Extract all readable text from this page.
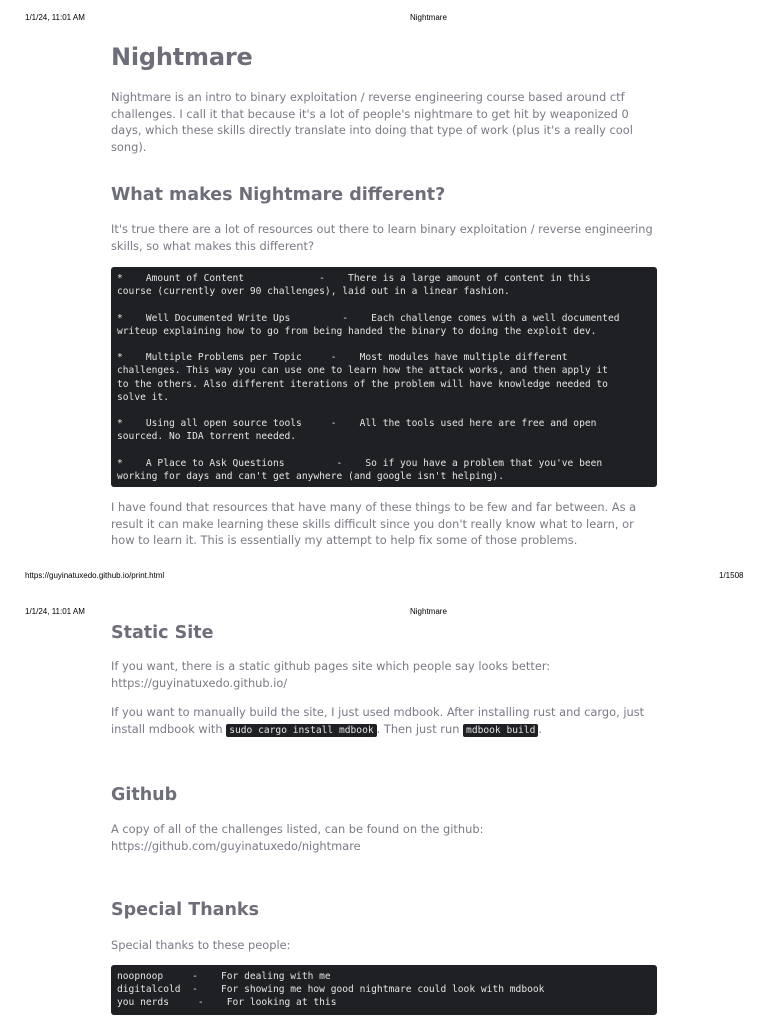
1/1/24, 11:01 AM	Nightmare
Nightmare

Nightmare is an intro to binary exploitation / reverse engineering course based around ctf challenges. I call it that because it's a lot of people's nightmare to get hit by weaponized 0 days, which these skills directly translate into doing that type of work (plus it's a really cool song).

What makes Nightmare different?

It's true there are a lot of resources out there to learn binary exploitation / reverse engineering skills, so what makes this different?

*    Amount of Content             -    There is a large amount of content in this
course (currently over 90 challenges), laid out in a linear fashion.
*    Well Documented Write Ups         -    Each challenge comes with a well documented
writeup explaining how to go from being handed the binary to doing the exploit dev.
*    Multiple Problems per Topic     -    Most modules have multiple different
challenges. This way you can use one to learn how the attack works, and then apply it
to the others. Also different iterations of the problem will have knowledge needed to
solve it.
*    Using all open source tools     -    All the tools used here are free and open
sourced. No IDA torrent needed.
*    A Place to Ask Questions         -    So if you have a problem that you've been
working for days and can't get anywhere (and google isn't helping).

I have found that resources that have many of these things to be few and far between. As a result it can make learning these skills difficult since you don't really know what to learn, or how to learn it. This is essentially my attempt to help fix some of those problems.

https://guyinatuxedo.github.io/print.html	1/1508
1/1/24, 11:01 AM	Nightmare
Static Site

If you want, there is a static github pages site which people say looks better:

https://guyinatuxedo.github.io/

If you want to manually build the site, I just used mdbook. After installing rust and cargo, just install mdbook with sudo cargo install mdbook . Then just run mdbook build .

Github

A copy of all of the challenges listed, can be found on the github:

https://github.com/guyinatuxedo/nightmare

Special Thanks

Special thanks to these people:

noopnoop     -    For dealing with me
digitalcold  -    For showing me how good nightmare could look with mdbook
you nerds     -    For looking at this
